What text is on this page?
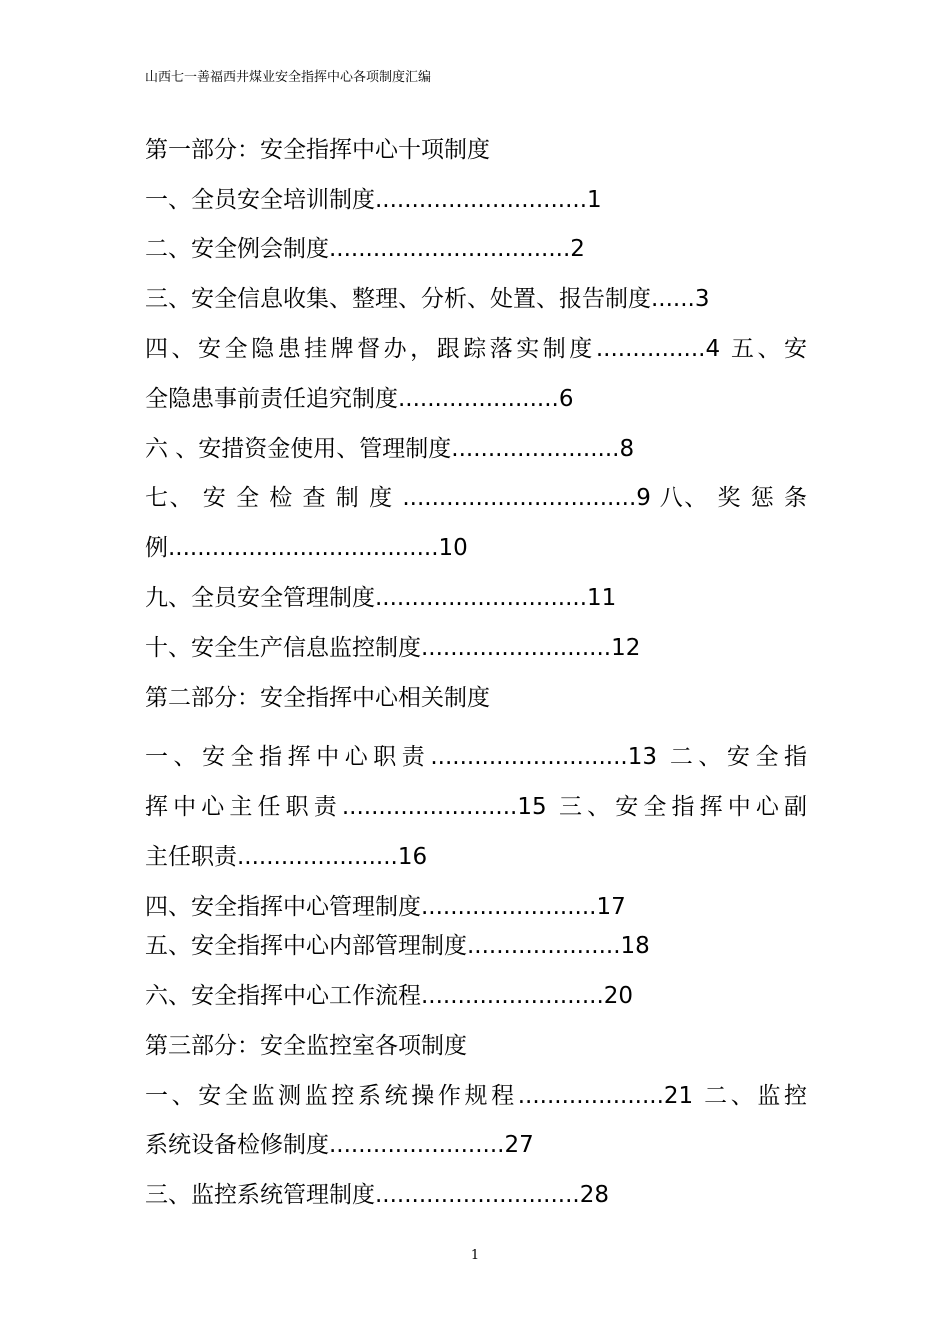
山西七一善福西井煤业安全指挥中心各项制度汇编
第一部分：安全指挥中心十项制度
一、全员安全培训制度.............................1
二、安全例会制度.................................2
三、安全信息收集、整理、分析、处置、报告制度......3
四、安全隐患挂牌督办，跟踪落实制度...............4 五、安
全隐患事前责任追究制度......................6
六 、安措资金使用、管理制度.......................8
七、 安 全 检 查 制 度 ................................9 八、 奖 惩 条
例.....................................10
九、全员安全管理制度.............................11
十、安全生产信息监控制度..........................12
第二部分：安全指挥中心相关制度
一、安全指挥中心职责...........................13 二、安全指
挥中心主任职责........................15 三、安全指挥中心副
主任职责......................16
四、安全指挥中心管理制度........................17
五、安全指挥中心内部管理制度.....................18
六、安全指挥中心工作流程.........................20
第三部分：安全监控室各项制度
一、安全监测监控系统操作规程....................21 二、监控
系统设备检修制度........................27
三、监控系统管理制度............................28
1
